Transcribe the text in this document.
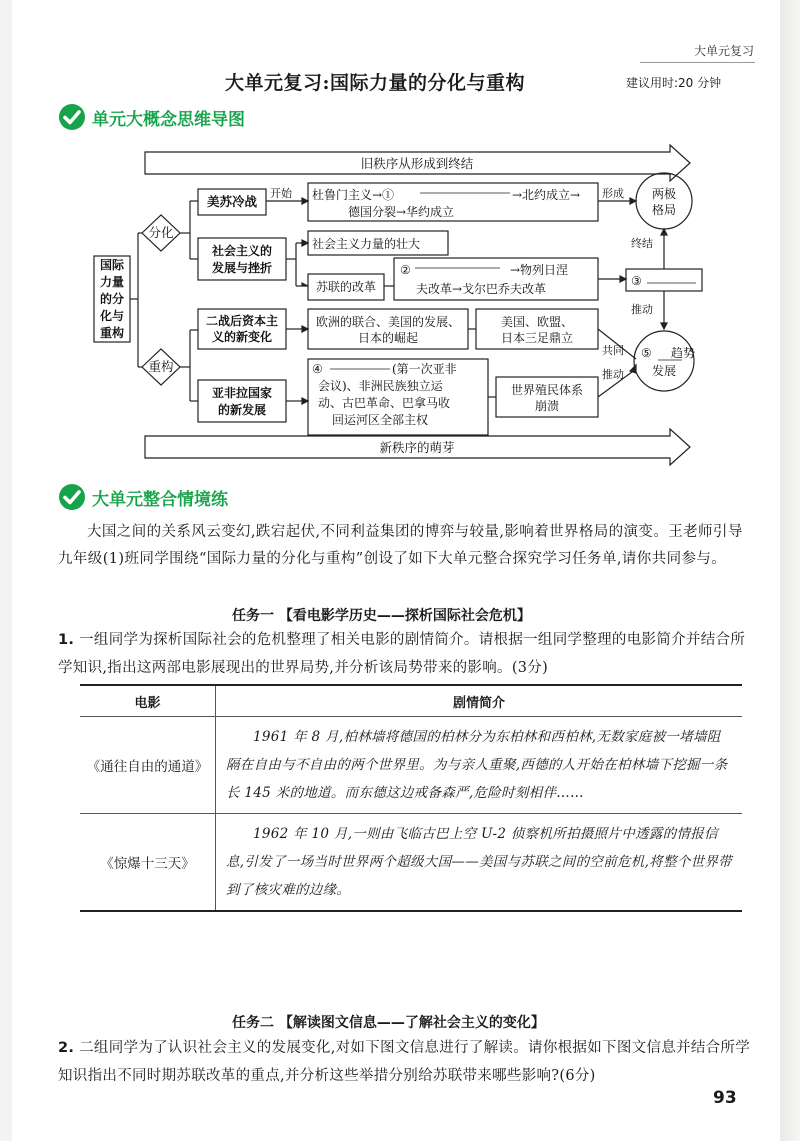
大单元复习
大单元复习:国际力量的分化与重构	建议用时:20 分钟
单元大概念思维导图
旧秩序从形成到终结
新秩序的萌芽
国际
力量
的分
化与
重构
分化
重构
美苏冷战
社会主义的
发展与挫折
二战后资本主
义的新变化
亚非拉国家
的新发展
开始 杜鲁门主义→①	→北约成立→ 形成
德国分裂→华约成立
两极
格局
社会主义力量的壮大
苏联的改革
②	→物列日涅
夫改革→戈尔巴乔夫改革
终结
③
推动
欧洲的联合、美国的发展、
日本的崛起
美国、欧盟、
日本三足鼎立
共同
推动
⑤ 趋势
发展
④	(第一次亚非
会议)、非洲民族独立运
动、古巴革命、巴拿马收
回运河区全部主权
世界殖民体系
崩溃
大单元整合情境练
大国之间的关系风云变幻,跌宕起伏,不同利益集团的博弈与较量,影响着世界格局的演变。王老师引导九年级(1)班同学围绕“国际力量的分化与重构”创设了如下大单元整合探究学习任务单,请你共同参与。
任务一 【看电影学历史——探析国际社会危机】
1. 一组同学为探析国际社会的危机整理了相关电影的剧情简介。请根据一组同学整理的电影简介并结合所学知识,指出这两部电影展现出的世界局势,并分析该局势带来的影响。(3分)
电影	剧情简介
《通往自由的通道》	1961 年 8 月,柏林墙将德国的柏林分为东柏林和西柏林,无数家庭被一堵墙阻隔在自由与不自由的两个世界里。为与亲人重聚,西德的人开始在柏林墙下挖掘一条长 145 米的地道。而东德这边戒备森严,危险时刻相伴……
《惊爆十三天》	1962 年 10 月,一则由飞临古巴上空 U-2 侦察机所拍摄照片中透露的情报信息,引发了一场当时世界两个超级大国——美国与苏联之间的空前危机,将整个世界带到了核灾难的边缘。
任务二 【解读图文信息——了解社会主义的变化】
2. 二组同学为了认识社会主义的发展变化,对如下图文信息进行了解读。请你根据如下图文信息并结合所学知识指出不同时期苏联改革的重点,并分析这些举措分别给苏联带来哪些影响?(6分)
93
